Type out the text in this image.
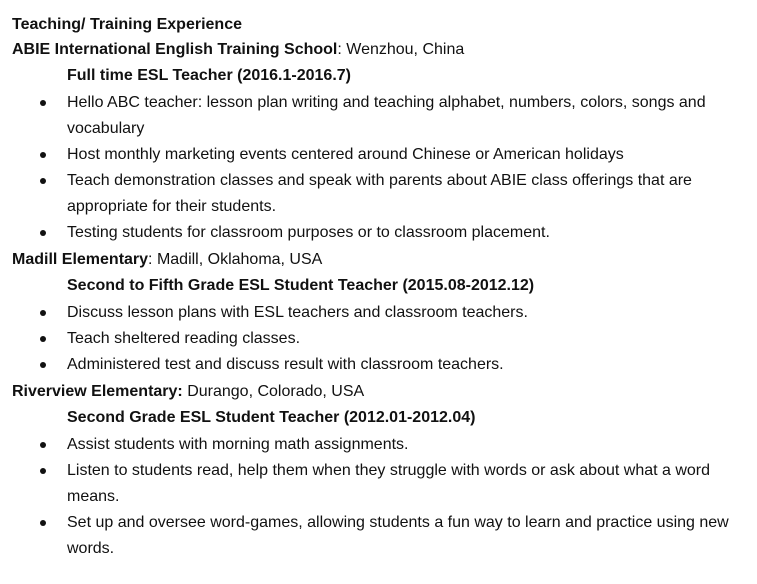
Teaching/ Training Experience
ABIE International English Training School: Wenzhou, China
Full time ESL Teacher (2016.1-2016.7)
Hello ABC teacher: lesson plan writing and teaching alphabet, numbers, colors, songs and vocabulary
Host monthly marketing events centered around Chinese or American holidays
Teach demonstration classes and speak with parents about ABIE class offerings that are appropriate for their students.
Testing students for classroom purposes or to classroom placement.
Madill Elementary: Madill, Oklahoma, USA
Second to Fifth Grade ESL Student Teacher (2015.08-2012.12)
Discuss lesson plans with ESL teachers and classroom teachers.
Teach sheltered reading classes.
Administered test and discuss result with classroom teachers.
Riverview Elementary: Durango, Colorado, USA
Second Grade ESL Student Teacher (2012.01-2012.04)
Assist students with morning math assignments.
Listen to students read, help them when they struggle with words or ask about what a word means.
Set up and oversee word-games, allowing students a fun way to learn and practice using new words.
